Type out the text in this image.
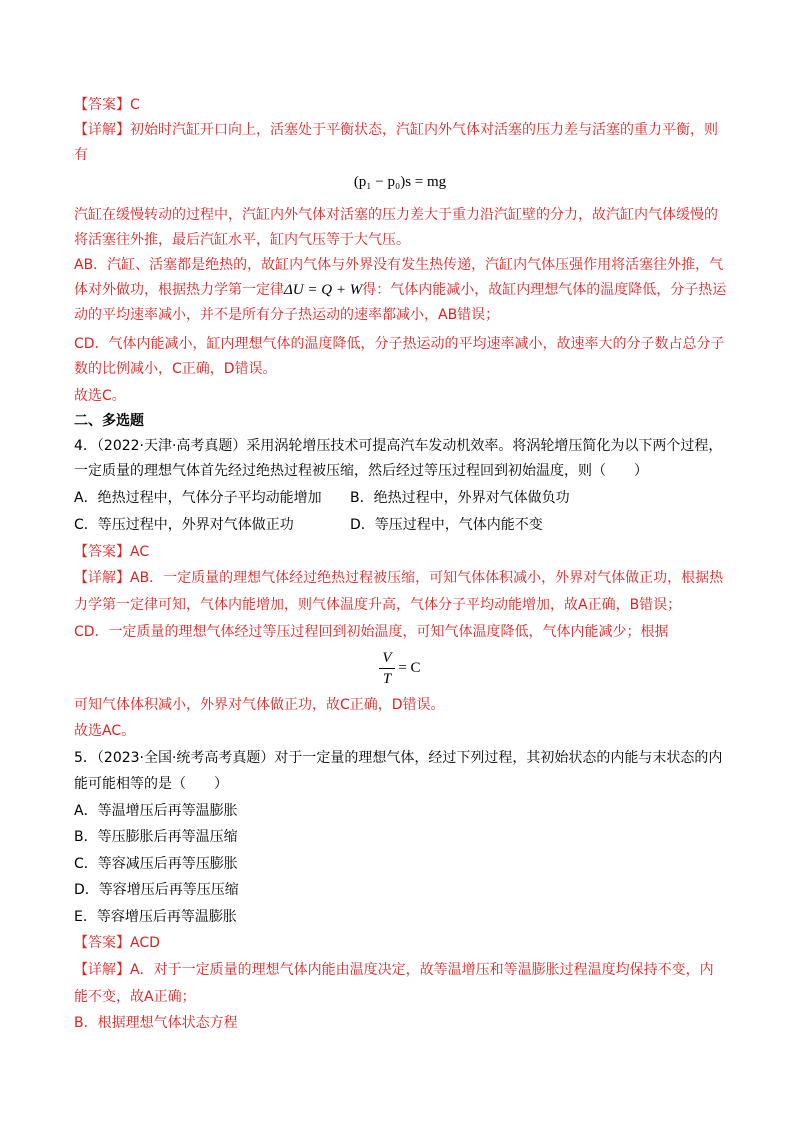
【答案】C
【详解】初始时汽缸开口向上，活塞处于平衡状态，汽缸内外气体对活塞的压力差与活塞的重力平衡，则
有
(p₁ − p₀)s = mg
汽缸在缓慢转动的过程中，汽缸内外气体对活塞的压力差大于重力沿汽缸壁的分力，故汽缸内气体缓慢的
将活塞往外推，最后汽缸水平，缸内气压等于大气压。
AB．汽缸、活塞都是绝热的，故缸内气体与外界没有发生热传递，汽缸内气体压强作用将活塞往外推，气
体对外做功，根据热力学第一定律ΔU = Q + W得：气体内能减小，故缸内理想气体的温度降低，分子热运
动的平均速率减小，并不是所有分子热运动的速率都减小，AB错误；
CD．气体内能减小，缸内理想气体的温度降低，分子热运动的平均速率减小，故速率大的分子数占总分子
数的比例减小，C正确，D错误。
故选C。
二、多选题
4．（2022·天津·高考真题）采用涡轮增压技术可提高汽车发动机效率。将涡轮增压简化为以下两个过程，
一定质量的理想气体首先经过绝热过程被压缩，然后经过等压过程回到初始温度，则（　　）
A．绝热过程中，气体分子平均动能增加 B．绝热过程中，外界对气体做负功
C．等压过程中，外界对气体做正功	D．等压过程中，气体内能不变
【答案】AC
【详解】AB．一定质量的理想气体经过绝热过程被压缩，可知气体体积减小，外界对气体做正功，根据热
力学第一定律可知，气体内能增加，则气体温度升高，气体分子平均动能增加，故A正确，B错误；
CD．一定质量的理想气体经过等压过程回到初始温度，可知气体温度降低，气体内能减少；根据
$\frac{V}{T} = C$
可知气体体积减小，外界对气体做正功，故C正确，D错误。
故选AC。
5．（2023·全国·统考高考真题）对于一定量的理想气体，经过下列过程，其初始状态的内能与末状态的内
能可能相等的是（　　）
A．等温增压后再等温膨胀
B．等压膨胀后再等温压缩
C．等容减压后再等压膨胀
D．等容增压后再等压压缩
E．等容增压后再等温膨胀
【答案】ACD
【详解】A．对于一定质量的理想气体内能由温度决定，故等温增压和等温膨胀过程温度均保持不变，内
能不变，故A正确；
B．根据理想气体状态方程
